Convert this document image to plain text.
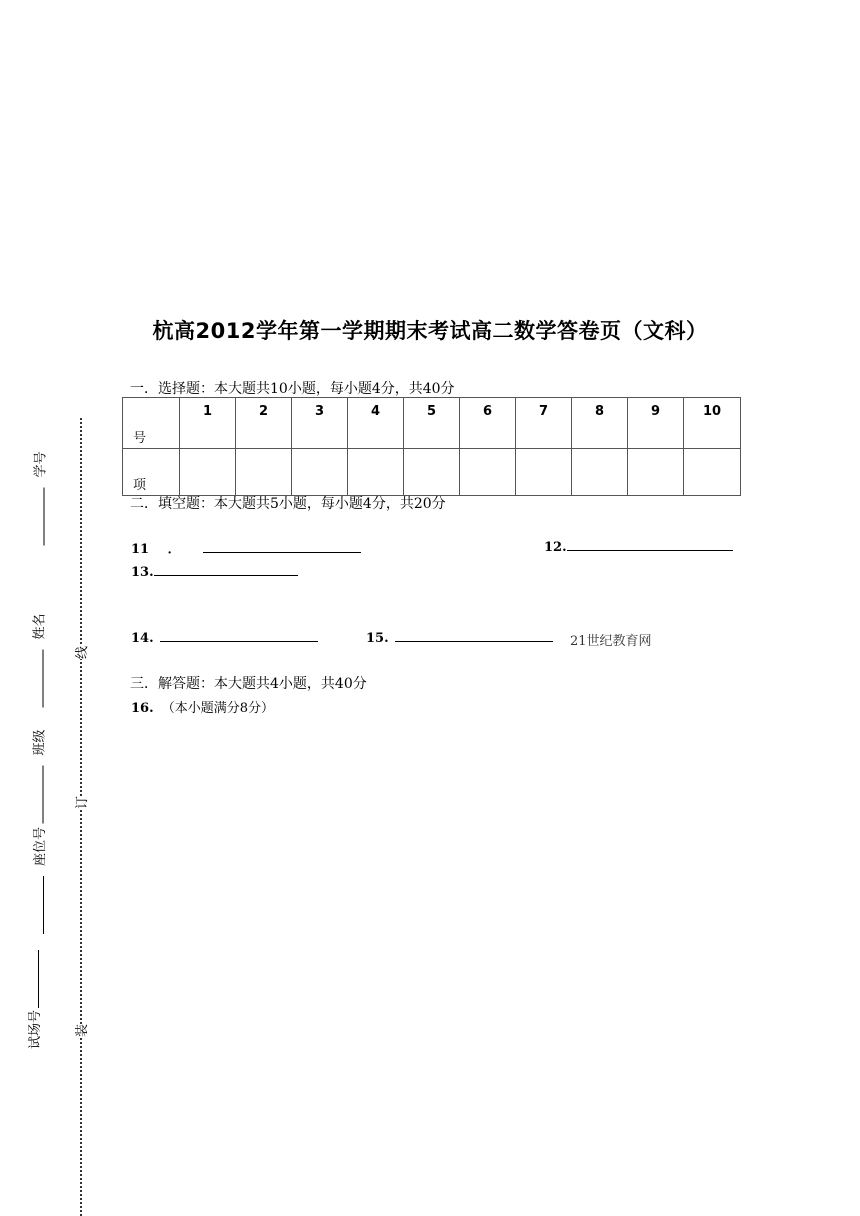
杭高2012学年第一学期期末考试高二数学答卷页（文科）
一．选择题：本大题共10小题，每小题4分，共40分
号	1	2	3	4	5	6	7	8	9	10
项										
二．填空题：本大题共5小题，每小题4分，共20分
11 ．	12.
13.
14.	15.	21世纪教育网
三．解答题：本大题共4小题，共40分
16. （本小题满分8分）
线
订
装
学号
姓名
班级
座位号
试场号
